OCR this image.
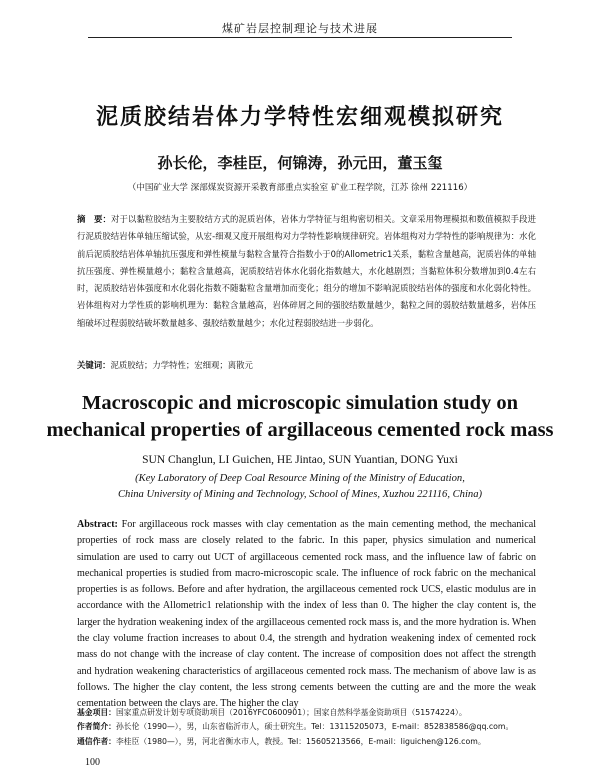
煤矿岩层控制理论与技术进展
泥质胶结岩体力学特性宏细观模拟研究
孙长伦，李桂臣，何锦涛，孙元田，董玉玺
（中国矿业大学 深部煤炭资源开采教育部重点实验室 矿业工程学院，江苏 徐州 221116）
摘　要：对于以黏粒胶结为主要胶结方式的泥质岩体，岩体力学特征与组构密切相关。文章采用物理模拟和数值模拟手段进行泥质胶结岩体单轴压缩试验，从宏-细观又度开展组构对力学特性影响规律研究。岩体组构对力学特性的影响规律为：水化前后泥质胶结岩体单轴抗压强度和弹性模量与黏粒含量符合指数小于0的Allometric1关系，黏粒含量越高，泥质岩体的单轴抗压强度、弹性模量越小；黏粒含量越高，泥质胶结岩体水化弱化指数越大，水化越剧烈；当黏粒体积分数增加到0.4左右时，泥质胶结岩体强度和水化弱化指数不随黏粒含量增加而变化；组分的增加不影响泥质胶结岩体的强度和水化弱化特性。岩体组构对力学性质的影响机理为：黏粒含量越高，岩体碎屑之间的强胶结数量越少，黏粒之间的弱胶结数量越多，岩体压缩破坏过程弱胶结破坏数量越多、强胶结数量越少；水化过程弱胶结进一步弱化。
关键词：泥质胶结；力学特性；宏细观；离散元
Macroscopic and microscopic simulation study on
mechanical properties of argillaceous cemented rock mass
SUN Changlun, LI Guichen, HE Jintao, SUN Yuantian, DONG Yuxi
(Key Laboratory of Deep Coal Resource Mining of the Ministry of Education,
China University of Mining and Technology, School of Mines, Xuzhou 221116, China)
Abstract: For argillaceous rock masses with clay cementation as the main cementing method, the mechanical properties of rock mass are closely related to the fabric. In this paper, physics simulation and numerical simulation are used to carry out UCT of argillaceous cemented rock mass, and the influence law of fabric on mechanical properties is studied from macro-microscopic scale. The influence of rock fabric on the mechanical properties is as follows. Before and after hydration, the argillaceous cemented rock UCS, elastic modulus are in accordance with the Allometric1 relationship with the index of less than 0. The higher the clay content is, the larger the hydration weakening index of the argillaceous cemented rock mass is, and the more hydration is. When the clay volume fraction increases to about 0.4, the strength and hydration weakening index of cemented rock mass do not change with the increase of clay content. The increase of composition does not affect the strength and hydration weakening characteristics of argillaceous cemented rock mass. The mechanism of above law is as follows. The higher the clay content, the less strong cements between the cutting are and the more the weak cementation between the clays are. The higher the clay
基金项目：国家重点研发计划专项资助项目（2016YFC0600901）；国家自然科学基金资助项目（51574224）。
作者简介：孙长伦（1990—），男，山东省临沂市人，硕士研究生。Tel：13115205073，E-mail：852838586@qq.com。
通信作者：李桂臣（1980—），男，河北省衡水市人，教授。Tel：15605213566，E-mail：liguichen@126.com。
100
